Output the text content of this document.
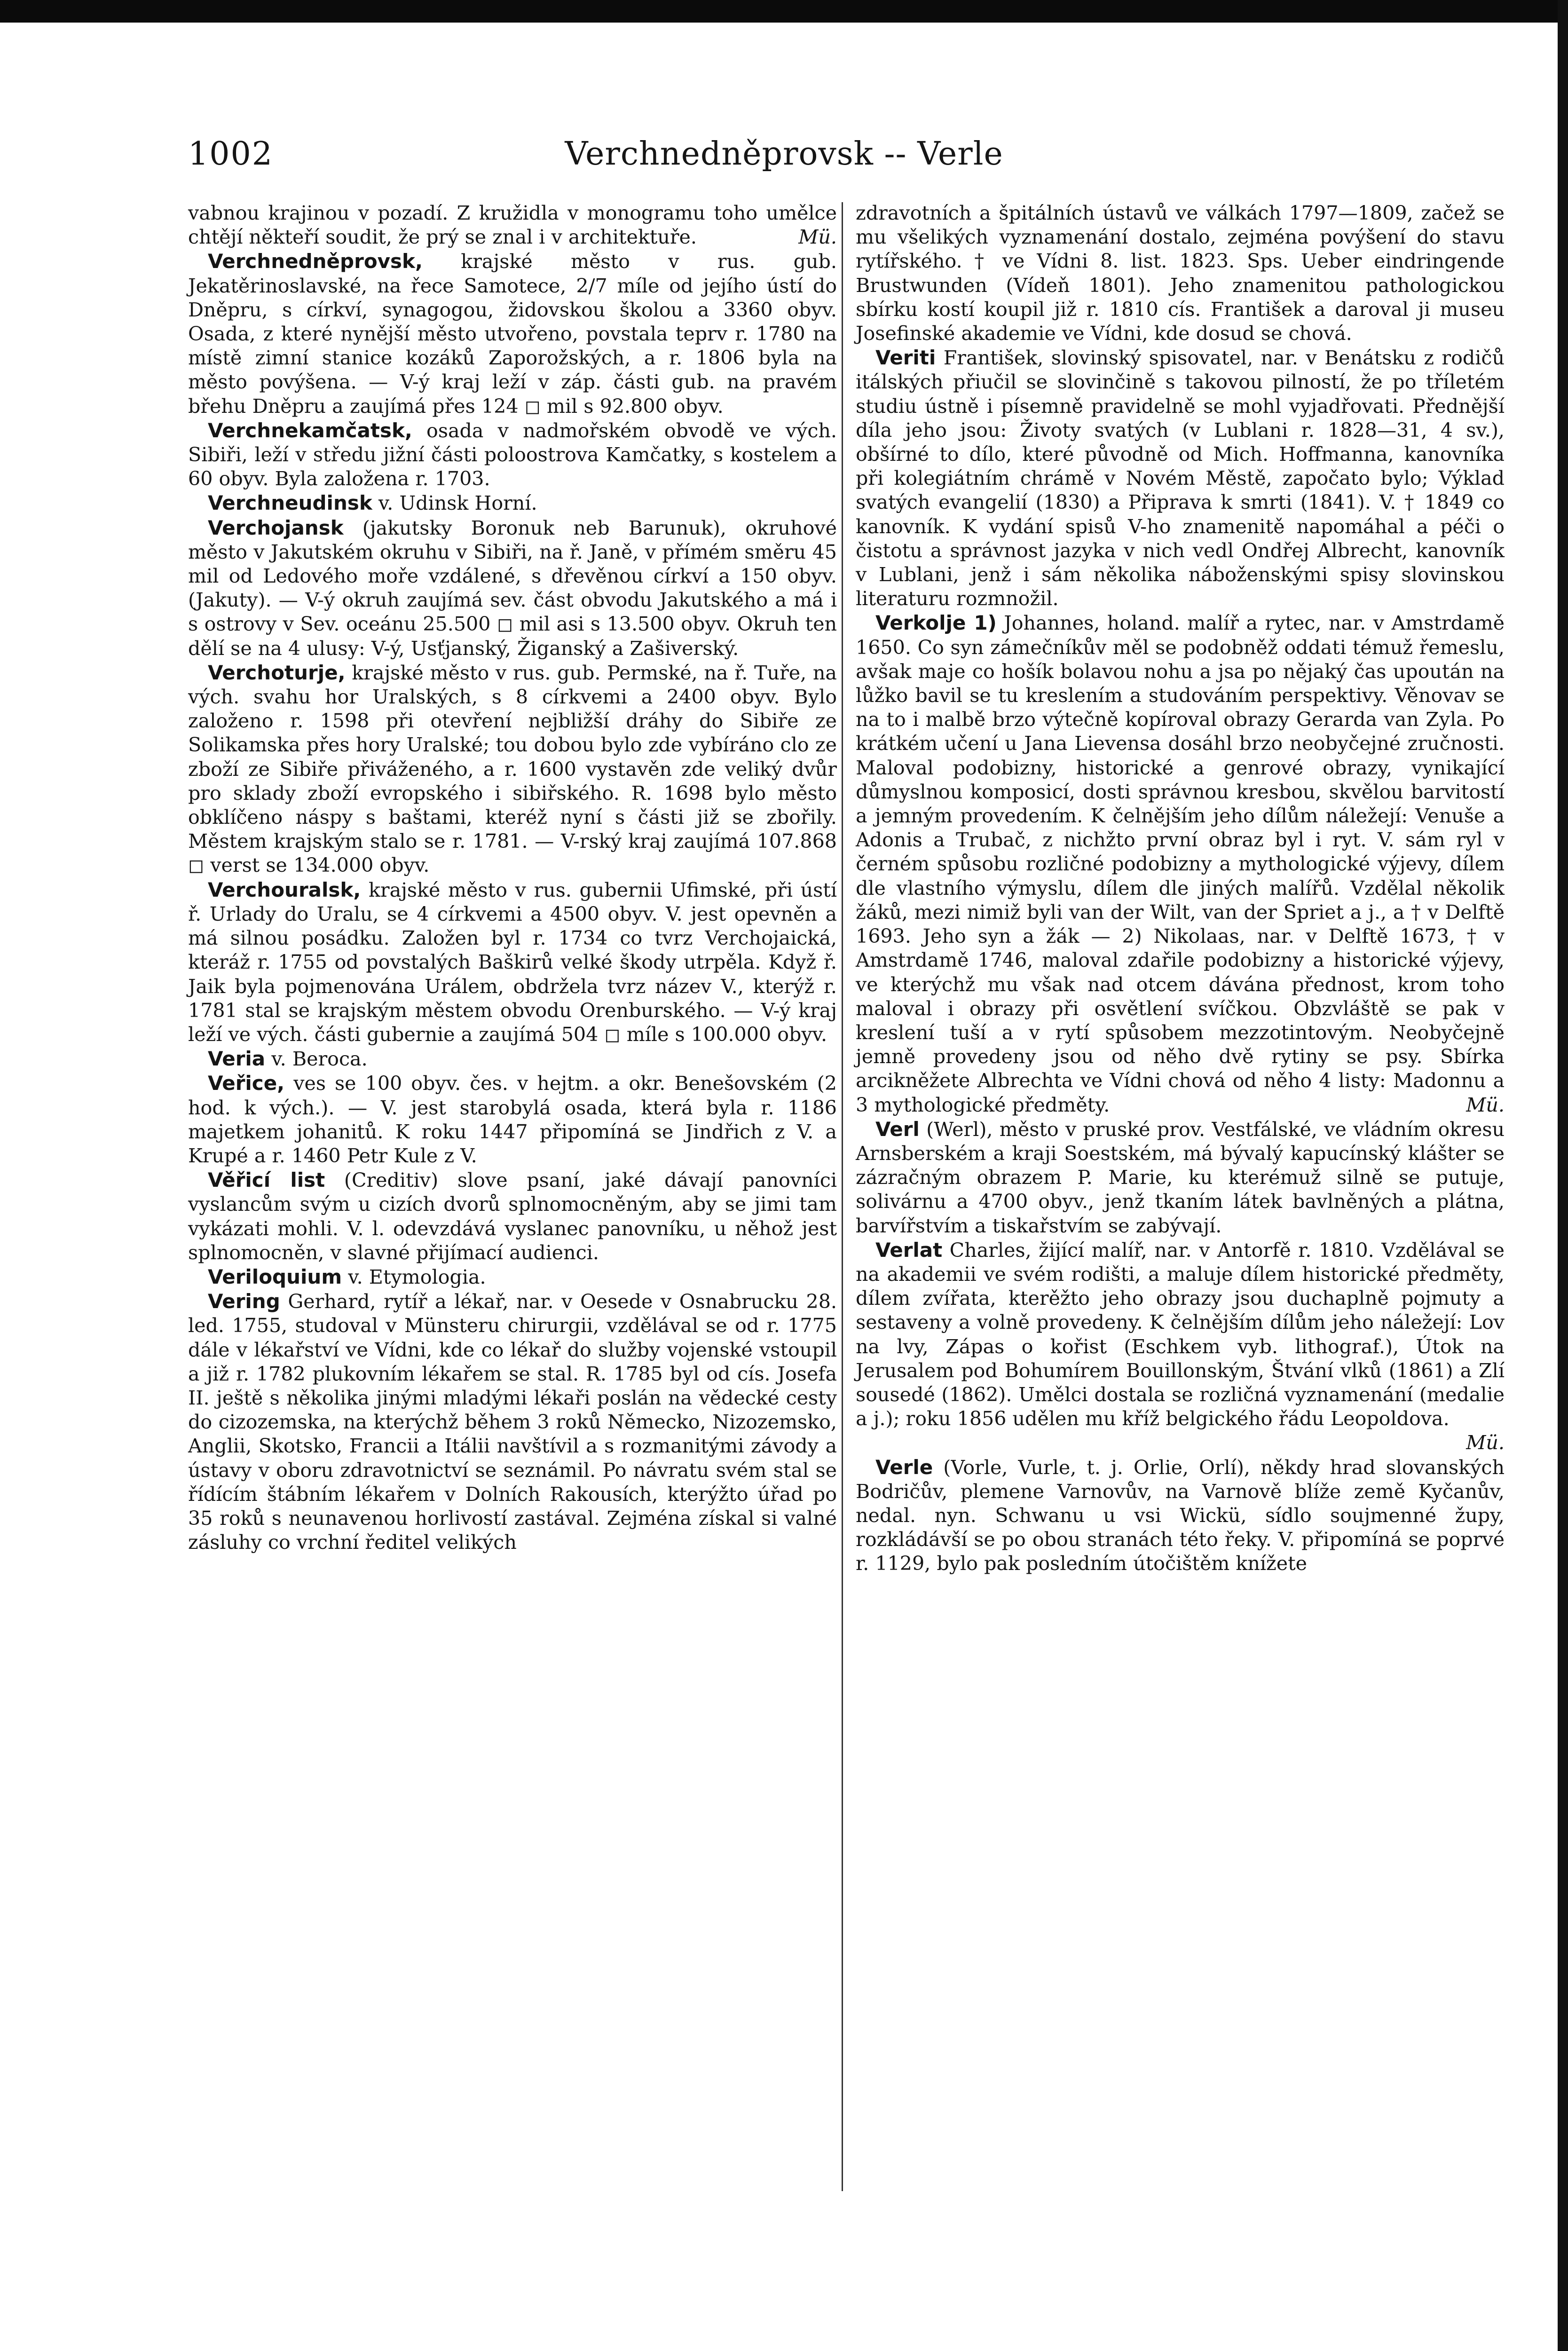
1002	Verchnedněprovsk -- Verle

vabnou krajinou v pozadí. Z kružidla v monogramu toho umělce chtějí někteří soudit, že prý se znal i v architektuře.	Mü.

Verchnedněprovsk, krajské město v rus. gub. Jekatěrinoslavské, na řece Samotece, 2/7 míle od jejího ústí do Dněpru, s církví, synagogou, židovskou školou a 3360 obyv. Osada, z které nynější město utvořeno, povstala teprv r. 1780 na místě zimní stanice kozáků Zaporožských, a r. 1806 byla na město povýšena. — V-ý kraj leží v záp. části gub. na pravém břehu Dněpru a zaujímá přes 124 ◻ mil s 92.800 obyv.

Verchnekamčatsk, osada v nadmořském obvodě ve vých. Sibiři, leží v středu jižní části poloostrova Kamčatky, s kostelem a 60 obyv. Byla založena r. 1703.

Verchneudinsk v. Udinsk Horní.

Verchojansk (jakutsky Boronuk neb Barunuk), okruhové město v Jakutském okruhu v Sibiři, na ř. Janě, v přímém směru 45 mil od Ledového moře vzdálené, s dřevěnou církví a 150 obyv. (Jakuty). — V-ý okruh zaujímá sev. část obvodu Jakutského a má i s ostrovy v Sev. oceánu 25.500 ◻ mil asi s 13.500 obyv. Okruh ten dělí se na 4 ulusy: V-ý, Usťjanský, Žiganský a Zašiverský.

Verchoturje, krajské město v rus. gub. Permské, na ř. Tuře, na vých. svahu hor Uralských, s 8 církvemi a 2400 obyv. Bylo založeno r. 1598 při otevření nejbližší dráhy do Sibiře ze Solikamska přes hory Uralské; tou dobou bylo zde vybíráno clo ze zboží ze Sibiře přiváženého, a r. 1600 vystavěn zde veliký dvůr pro sklady zboží evropského i sibiřského. R. 1698 bylo město obklíčeno náspy s baštami, kteréž nyní s části již se zbořily. Městem krajským stalo se r. 1781. — V-rský kraj zaujímá 107.868 ◻ verst se 134.000 obyv.

Verchouralsk, krajské město v rus. gubernii Ufimské, při ústí ř. Urlady do Uralu, se 4 církvemi a 4500 obyv. V. jest opevněn a má silnou posádku. Založen byl r. 1734 co tvrz Verchojaická, kteráž r. 1755 od povstalých Baškirů velké škody utrpěla. Když ř. Jaik byla pojmenována Urálem, obdržela tvrz název V., kterýž r. 1781 stal se krajským městem obvodu Orenburského. — V-ý kraj leží ve vých. části gubernie a zaujímá 504 ◻ míle s 100.000 obyv.

Veria v. Beroca.

Veřice, ves se 100 obyv. čes. v hejtm. a okr. Benešovském (2 hod. k vých.). — V. jest starobylá osada, která byla r. 1186 majetkem johanitů. K roku 1447 připomíná se Jindřich z V. a Krupé a r. 1460 Petr Kule z V.

Věřicí list (Creditiv) slove psaní, jaké dávají panovníci vyslancům svým u cizích dvorů splnomocněným, aby se jimi tam vykázati mohli. V. l. odevzdává vyslanec panovníku, u něhož jest splnomocněn, v slavné přijímací audienci.

Veriloquium v. Etymologia.

Vering Gerhard, rytíř a lékař, nar. v Oesede v Osnabrucku 28. led. 1755, studoval v Münsteru chirurgii, vzdělával se od r. 1775 dále v lékařství ve Vídni, kde co lékař do služby vojenské vstoupil a již r. 1782 plukovním lékařem se stal. R. 1785 byl od cís. Josefa II. ještě s několika jinými mladými lékaři poslán na vědecké cesty do cizozemska, na kterýchž během 3 roků Německo, Nizozemsko, Anglii, Skotsko, Francii a Itálii navštívil a s rozmanitými závody a ústavy v oboru zdravotnictví se seznámil. Po návratu svém stal se řídícím štábním lékařem v Dolních Rakousích, kterýžto úřad po 35 roků s neunavenou horlivostí zastával. Zejména získal si valné zásluhy co vrchní ředitel velikých

zdravotních a špitálních ústavů ve válkách 1797—1809, začež se mu všelikých vyznamenání dostalo, zejména povýšení do stavu rytířského. † ve Vídni 8. list. 1823. Sps. Ueber eindringende Brustwunden (Vídeň 1801). Jeho znamenitou pathologickou sbírku kostí koupil již r. 1810 cís. František a daroval ji museu Josefinské akademie ve Vídni, kde dosud se chová.

Veriti František, slovinský spisovatel, nar. v Benátsku z rodičů itálských přiučil se slovinčině s takovou pilností, že po tříletém studiu ústně i písemně pravidelně se mohl vyjadřovati. Přednější díla jeho jsou: Životy svatých (v Lublani r. 1828—31, 4 sv.), obšírné to dílo, které původně od Mich. Hoffmanna, kanovníka při kolegiátním chrámě v Novém Městě, započato bylo; Výklad svatých evangelií (1830) a Připrava k smrti (1841). V. † 1849 co kanovník. K vydání spisů V-ho znamenitě napomáhal a péči o čistotu a správnost jazyka v nich vedl Ondřej Albrecht, kanovník v Lublani, jenž i sám několika náboženskými spisy slovinskou literaturu rozmnožil.

Verkolje 1) Johannes, holand. malíř a rytec, nar. v Amstrdamě 1650. Co syn zámečníkův měl se podobněž oddati témuž řemeslu, avšak maje co hošík bolavou nohu a jsa po nějaký čas upoután na lůžko bavil se tu kreslením a studováním perspektivy. Věnovav se na to i malbě brzo výtečně kopíroval obrazy Gerarda van Zyla. Po krátkém učení u Jana Lievensa dosáhl brzo neobyčejné zručnosti. Maloval podobizny, historické a genrové obrazy, vynikající důmyslnou komposicí, dosti správnou kresbou, skvělou barvitostí a jemným provedením. K čelnějším jeho dílům náležejí: Venuše a Adonis a Trubač, z nichžto první obraz byl i ryt. V. sám ryl v černém spůsobu rozličné podobizny a mythologické výjevy, dílem dle vlastního výmyslu, dílem dle jiných malířů. Vzdělal několik žáků, mezi nimiž byli van der Wilt, van der Spriet a j., a † v Delftě 1693. Jeho syn a žák — 2) Nikolaas, nar. v Delftě 1673, † v Amstrdamě 1746, maloval zdařile podobizny a historické výjevy, ve kterýchž mu však nad otcem dávána přednost, krom toho maloval i obrazy při osvětlení svíčkou. Obzvláště se pak v kreslení tuší a v rytí spůsobem mezzotintovým. Neobyčejně jemně provedeny jsou od něho dvě rytiny se psy. Sbírka arcikněžete Albrechta ve Vídni chová od něho 4 listy: Madonnu a 3 mythologické předměty.	Mü.

Verl (Werl), město v pruské prov. Vestfálské, ve vládním okresu Arnsberském a kraji Soestském, má bývalý kapucínský klášter se zázračným obrazem P. Marie, ku kterémuž silně se putuje, solivárnu a 4700 obyv., jenž tkaním látek bavlněných a plátna, barvířstvím a tiskařstvím se zabývají.

Verlat Charles, žijící malíř, nar. v Antorfě r. 1810. Vzdělával se na akademii ve svém rodišti, a maluje dílem historické předměty, dílem zvířata, kterěžto jeho obrazy jsou duchaplně pojmuty a sestaveny a volně provedeny. K čelnějším dílům jeho náležejí: Lov na lvy, Zápas o kořist (Eschkem vyb. lithograf.), Útok na Jerusalem pod Bohumírem Bouillonským, Štvání vlků (1861) a Zlí sousedé (1862). Umělci dostala se rozličná vyznamenání (medalie a j.); roku 1856 udělen mu kříž belgického řádu Leopoldova.
Mü.

Verle (Vorle, Vurle, t. j. Orlie, Orlí), někdy hrad slovanských Bodričův, plemene Varnovův, na Varnově blíže země Kyčanův, nedal. nyn. Schwanu u vsi Wickü, sídlo soujmenné župy, rozkládávší se po obou stranách této řeky. V. připomíná se poprvé r. 1129, bylo pak posledním útočištěm knížete
